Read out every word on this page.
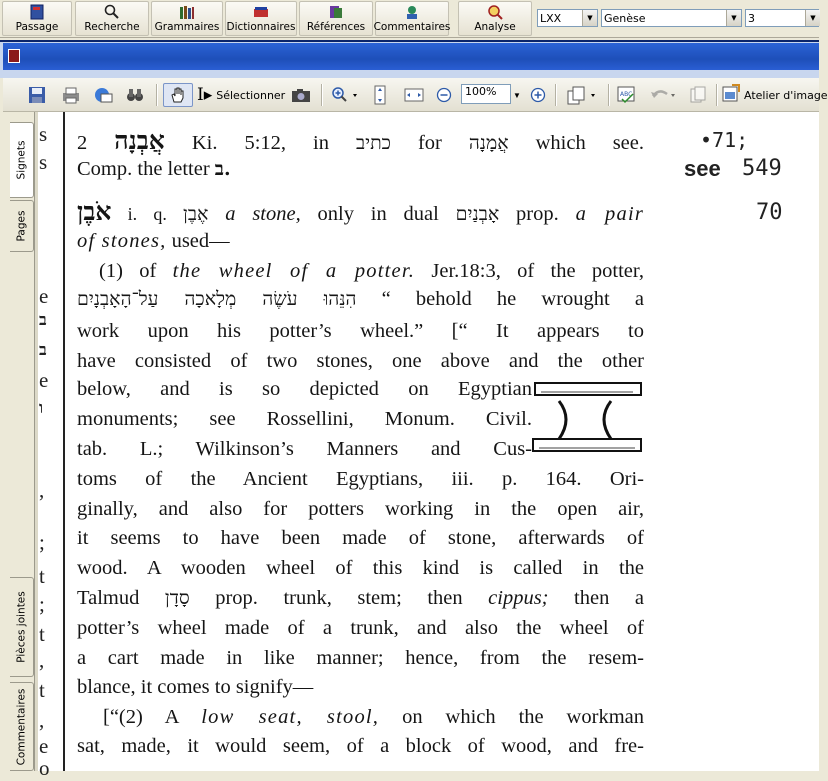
Passage Recherche Grammaires Dictionnaires Références Commentaires Analyse
LXX	▼	Genèse	▼	3	▼
I▸ Sélectionner	100%	▼	ABC	Atelier d'image
Signets
Pages
Pièces jointes
Commentaires
s
s
e
ב
ב
e
ו
,
;
t
;
t
,
t
,
e
o
אֲבְנָה 2 Ki. 5:12, in כתיב for אֲמָנָה which see.
Comp. the letter ב.
אֹבֶן i. q. אֶבֶן a stone, only in dual אָבְנַיִם prop. a pair
of stones, used—
(1) of the wheel of a potter. Jer.18:3, of the potter,
הִנֵּהוּ עֹשֶׂה מְלָאכָה עַל־הָאָבְנָיִם “ behold he wrought a
work upon his potter’s wheel.” [“ It appears to
have consisted of two stones, one above and the other
below, and is so depicted on Egyptian
monuments; see Rossellini, Monum. Civil.
tab. L.; Wilkinson’s Manners and Cus-
toms of the Ancient Egyptians, iii. p. 164. Ori-
ginally, and also for potters working in the open air,
it seems to have been made of stone, afterwards of
wood. A wooden wheel of this kind is called in the
Talmud סָדָן prop. trunk, stem; then cippus; then a
potter’s wheel made of a trunk, and also the wheel of
a cart made in like manner; hence, from the resem-
blance, it comes to signify—
[“(2) A low seat, stool, on which the workman
sat, made, it would seem, of a block of wood, and fre-
•71;
see 549
70
